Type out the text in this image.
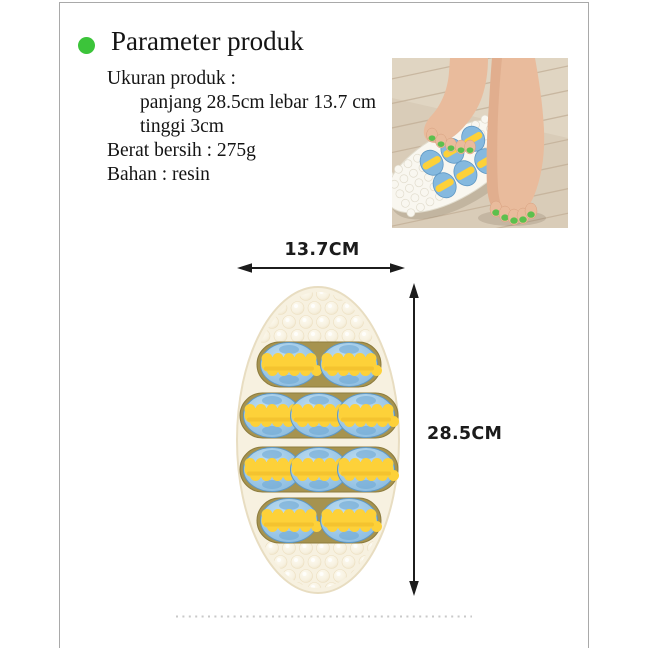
Parameter produk
Ukuran produk :
panjang 28.5cm lebar 13.7 cm
tinggi 3cm
Berat bersih : 275g
Bahan : resin
13.7CM
28.5CM
